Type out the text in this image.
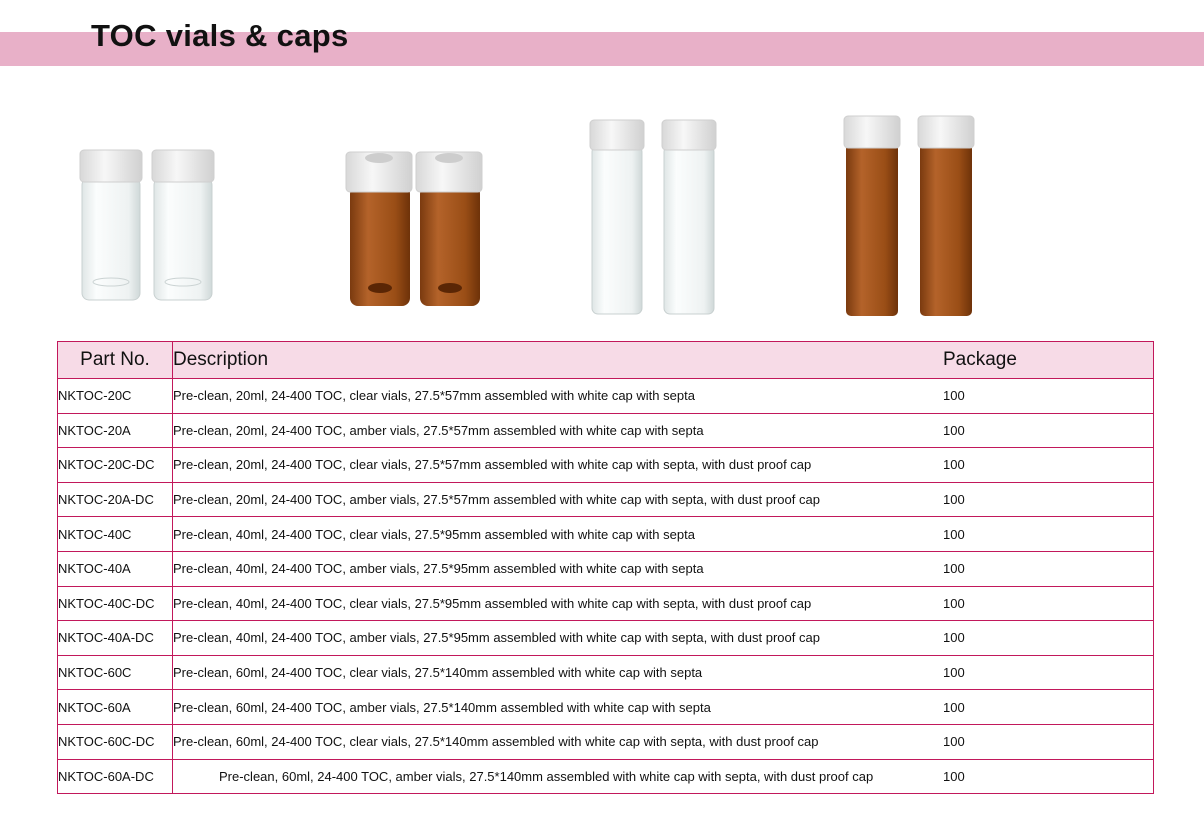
TOC vials & caps
Part No.	Description	Package
NKTOC-20C	Pre-clean, 20ml, 24-400 TOC, clear vials, 27.5*57mm assembled with white cap with septa	100
NKTOC-20A	Pre-clean, 20ml, 24-400 TOC, amber vials, 27.5*57mm assembled with white cap with septa	100
NKTOC-20C-DC	Pre-clean, 20ml, 24-400 TOC, clear vials, 27.5*57mm assembled with white cap with septa, with dust proof cap	100
NKTOC-20A-DC	Pre-clean, 20ml, 24-400 TOC, amber vials, 27.5*57mm assembled with white cap with septa, with dust proof cap	100
NKTOC-40C	Pre-clean, 40ml, 24-400 TOC, clear vials, 27.5*95mm assembled with white cap with septa	100
NKTOC-40A	Pre-clean, 40ml, 24-400 TOC, amber vials, 27.5*95mm assembled with white cap with septa	100
NKTOC-40C-DC	Pre-clean, 40ml, 24-400 TOC, clear vials, 27.5*95mm assembled with white cap with septa, with dust proof cap	100
NKTOC-40A-DC	Pre-clean, 40ml, 24-400 TOC, amber vials, 27.5*95mm assembled with white cap with septa, with dust proof cap	100
NKTOC-60C	Pre-clean, 60ml, 24-400 TOC, clear vials, 27.5*140mm assembled with white cap with septa	100
NKTOC-60A	Pre-clean, 60ml, 24-400 TOC, amber vials, 27.5*140mm assembled with white cap with septa	100
NKTOC-60C-DC	Pre-clean, 60ml, 24-400 TOC, clear vials, 27.5*140mm assembled with white cap with septa, with dust proof cap	100
NKTOC-60A-DC	Pre-clean, 60ml, 24-400 TOC, amber vials, 27.5*140mm assembled with white cap with septa, with dust proof cap	100
